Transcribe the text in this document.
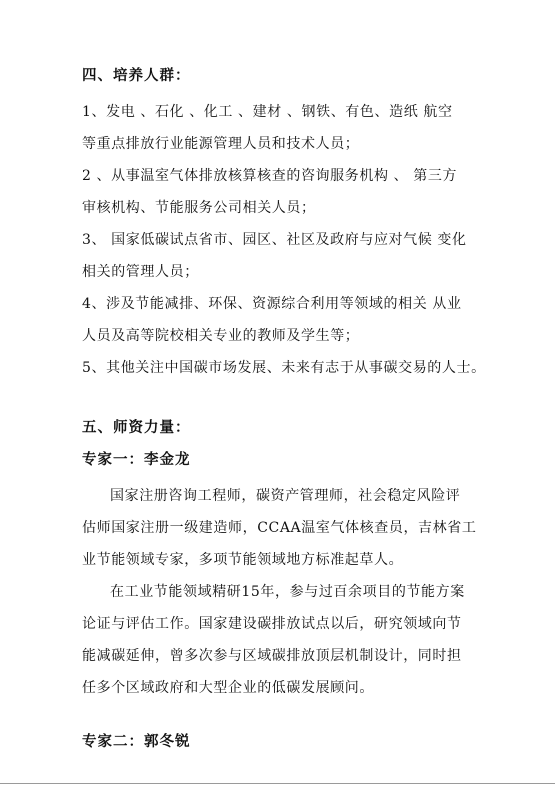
四、培养人群：
1、发电 、石化 、化工 、建材 、钢铁、有色、造纸 航空
等重点排放行业能源管理人员和技术人员；
2 、从事温室气体排放核算核查的咨询服务机构 、 第三方
审核机构、节能服务公司相关人员；
3、 国家低碳试点省市、园区、社区及政府与应对气候 变化
相关的管理人员；
4、涉及节能减排、环保、资源综合利用等领域的相关 从业
人员及高等院校相关专业的教师及学生等；
5、其他关注中国碳市场发展、未来有志于从事碳交易的人士。
五、师资力量：
专家一：李金龙
国家注册咨询工程师，碳资产管理师，社会稳定风险评
估师国家注册一级建造师，CCAA温室气体核查员，吉林省工
业节能领域专家，多项节能领域地方标准起草人。
在工业节能领域精研15年，参与过百余项目的节能方案
论证与评估工作。国家建设碳排放试点以后，研究领域向节
能减碳延伸，曾多次参与区域碳排放顶层机制设计，同时担
任多个区域政府和大型企业的低碳发展顾问。
专家二：郭冬锐
